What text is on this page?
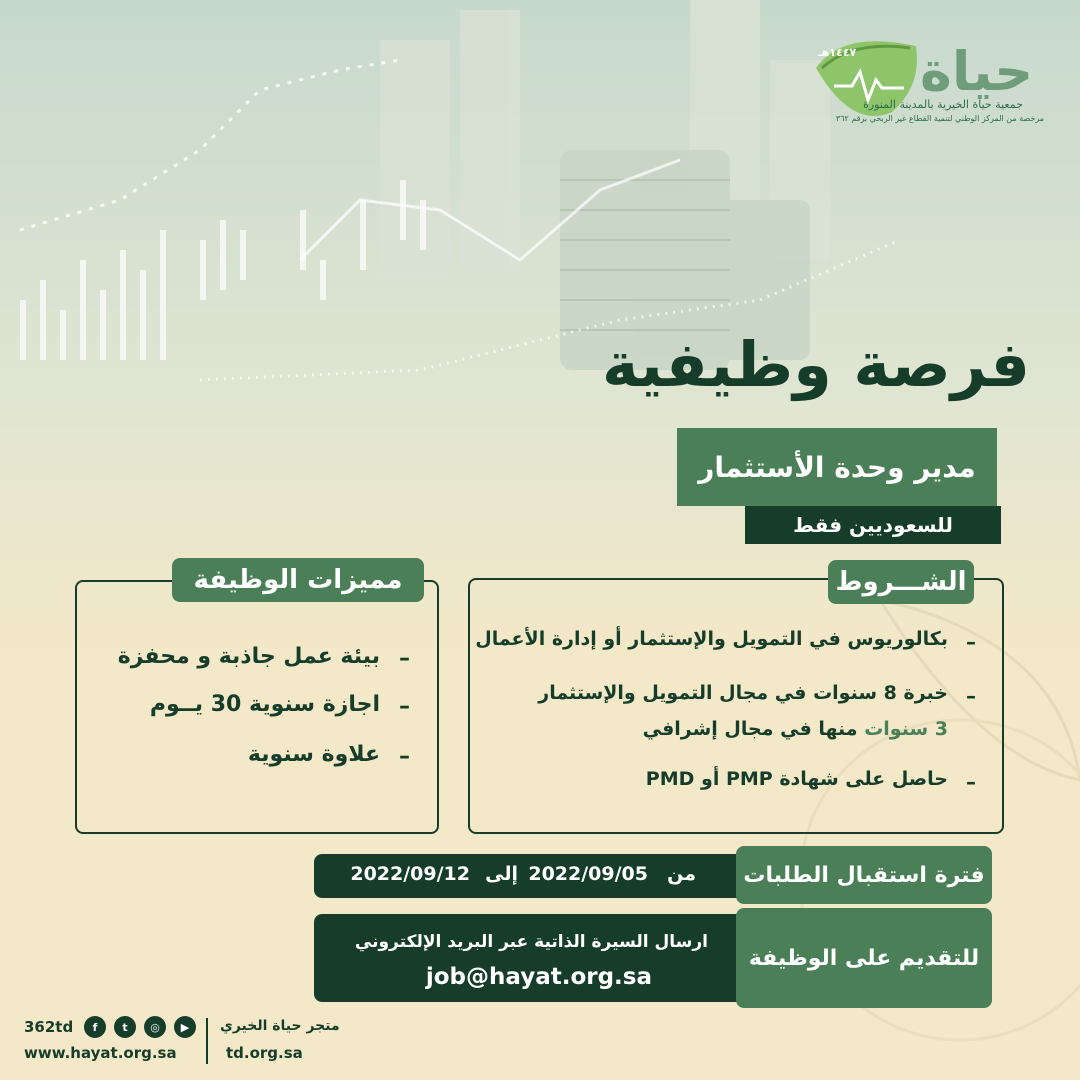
١٤٤٧هـ حياة
جمعية حياة الخيرية بالمدينة المنورة
مرخصة من المركز الوطني لتنمية القطاع غير الربحي برقم ٣٦٢
فرصة وظيفية
مدير وحدة الأستثمار
للسعوديين فقط
الشـــروط
–
بكالوريوس في التمويل والإستثمار أو إدارة الأعمال
–
خبرة 8 سنوات في مجال التمويل والإستثمار
3 سنوات منها في مجال إشرافي
–
حاصل على شهادة PMP أو PMD
مميزات الوظيفة
–
بيئة عمل جاذبة و محفزة
–
اجازة سنوية 30 يــوم
–
علاوة سنوية
من
2022/09/05
إلى
2022/09/12	فترة استقبال الطلبات
ارسال السيرة الذاتية عبر البريد الإلكتروني
job@hayat.org.sa
للتقديم على الوظيفة
متجر حياة الخيري
td.org.sa
▶
◎
t
f
362td
www.hayat.org.sa
